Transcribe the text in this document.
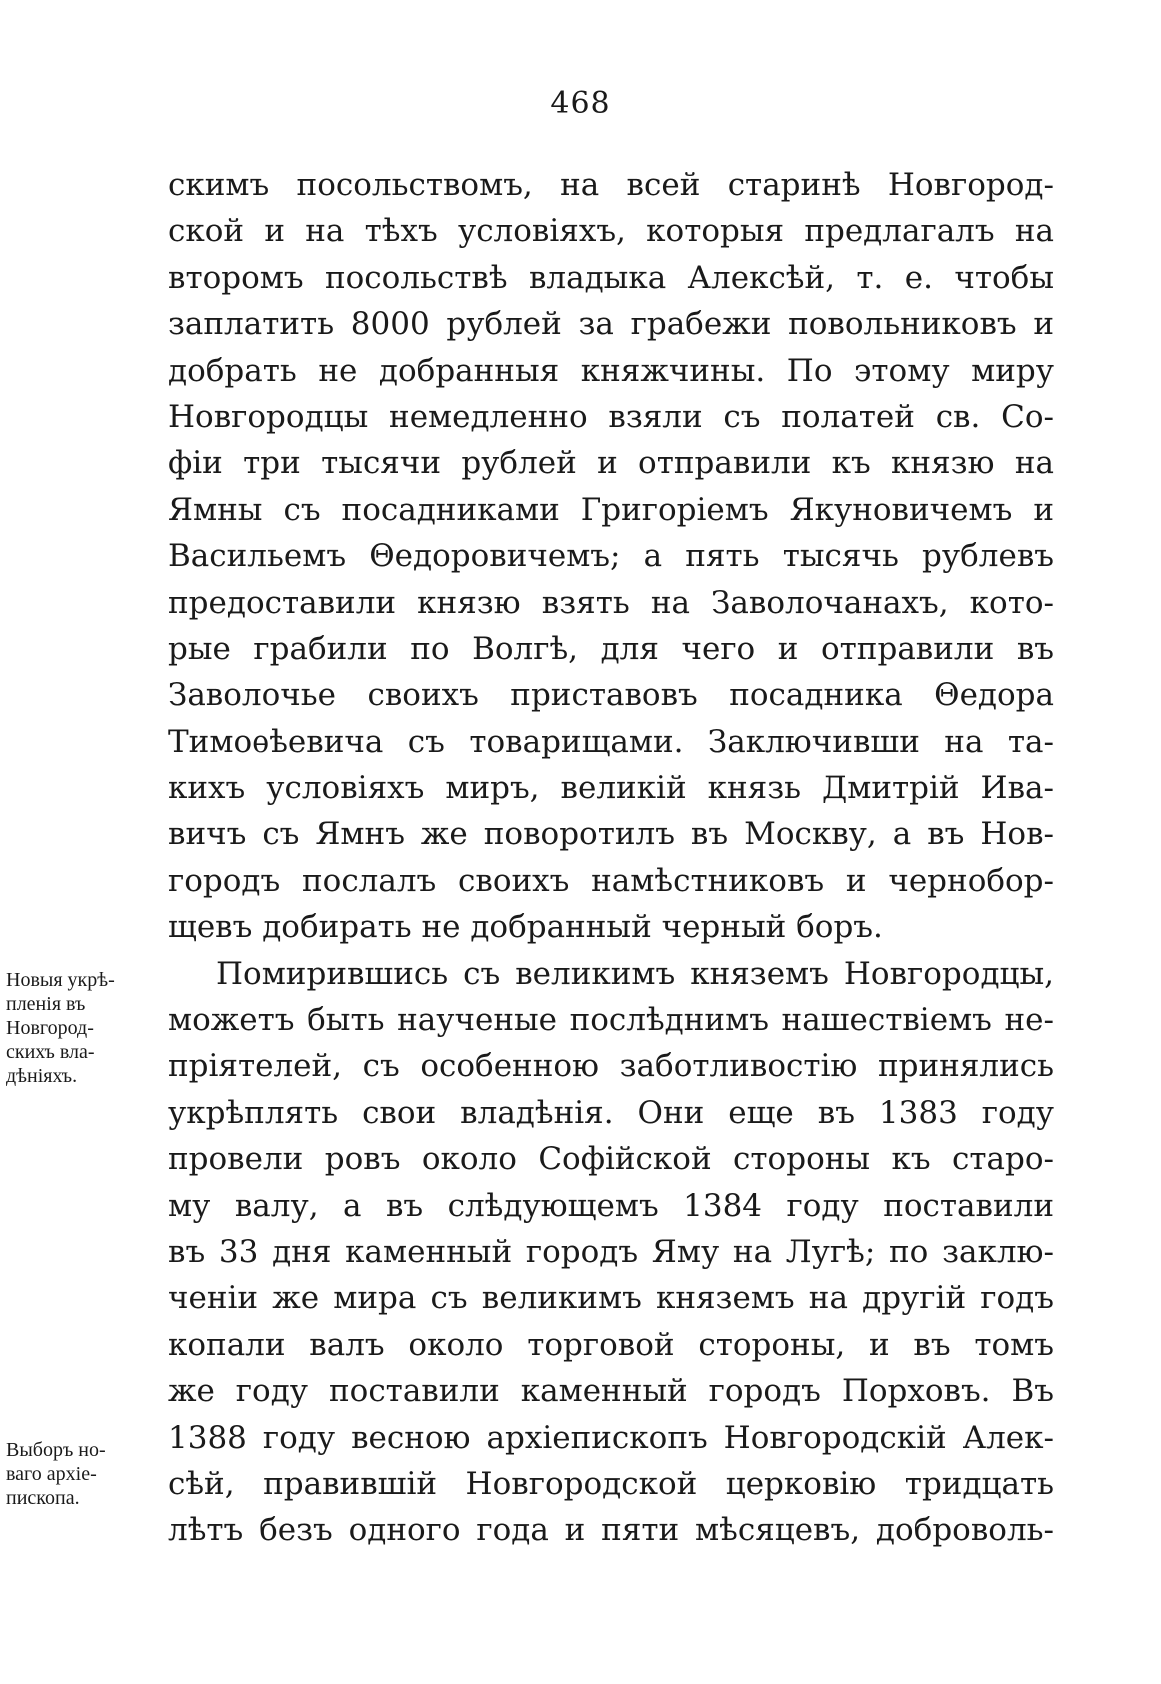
468
скимъ посольствомъ, на всей старинѣ Новгород-
ской и на тѣхъ условіяхъ, которыя предлагалъ на
второмъ посольствѣ владыка Алексѣй, т. е. чтобы
заплатить 8000 рублей за грабежи повольниковъ и
добрать не добранныя княжчины. По этому миру
Новгородцы немедленно взяли съ полатей св. Со-
фіи три тысячи рублей и отправили къ князю на
Ямны съ посадниками Григоріемъ Якуновичемъ и
Васильемъ Θедоровичемъ; а пять тысячь рублевъ
предоставили князю взять на Заволочанахъ, кото-
рые грабили по Волгѣ, для чего и отправили въ
Заволочье своихъ приставовъ посадника Θедора
Тимоѳѣевича съ товарищами. Заключивши на та-
кихъ условіяхъ миръ, великій князь Дмитрій Ива-
вичъ съ Ямнъ же поворотилъ въ Москву, а въ Нов-
городъ послалъ своихъ намѣстниковъ и чернобор-
щевъ добирать не добранный черный боръ.
Помирившись съ великимъ княземъ Новгородцы,
можетъ быть наученые послѣднимъ нашествіемъ не-
пріятелей, съ особенною заботливостію принялись
укрѣплять свои владѣнія. Они еще въ 1383 году
провели ровъ около Софійской стороны къ старо-
му валу, а въ слѣдующемъ 1384 году поставили
въ 33 дня каменный городъ Яму на Лугѣ; по заклю-
ченіи же мира съ великимъ княземъ на другій годъ
копали валъ около торговой стороны, и въ томъ
же году поставили каменный городъ Порховъ. Въ
1388 году весною архіепископъ Новгородскій Алек-
сѣй, правившій Новгородской церковію тридцать
лѣтъ безъ одного года и пяти мѣсяцевъ, доброволь-
Новыя укрѣ-
пленія въ
Новгород-
скихъ вла-
дѣніяхъ.
Выборъ но-
ваго архіе-
пископа.
